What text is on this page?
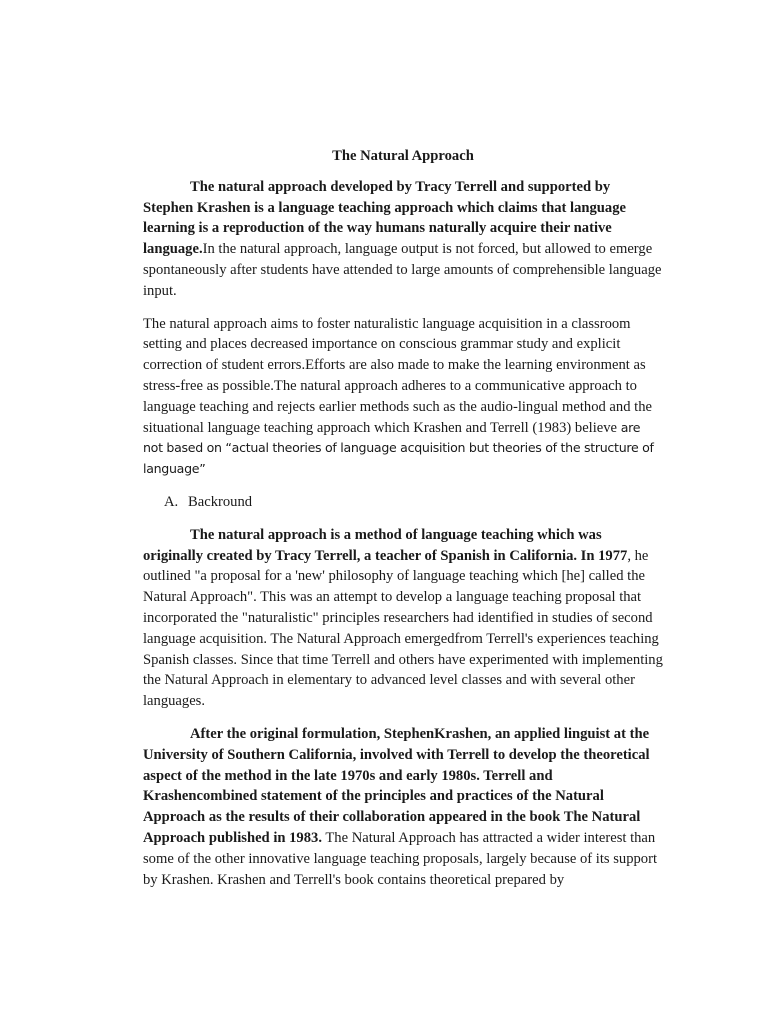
The Natural Approach

The natural approach developed by Tracy Terrell and supported by Stephen Krashen is a language teaching approach which claims that language learning is a reproduction of the way humans naturally acquire their native language.In the natural approach, language output is not forced, but allowed to emerge spontaneously after students have attended to large amounts of comprehensible language input.

The natural approach aims to foster naturalistic language acquisition in a classroom setting and places decreased importance on conscious grammar study and explicit correction of student errors.Efforts are also made to make the learning environment as stress-free as possible.The natural approach adheres to a communicative approach to language teaching and rejects earlier methods such as the audio-lingual method and the situational language teaching approach which Krashen and Terrell (1983) believe are not based on “actual theories of language acquisition but theories of the structure of language”

A. Backround

The natural approach is a method of language teaching which was originally created by Tracy Terrell, a teacher of Spanish in California. In 1977, he outlined "a proposal for a 'new' philosophy of language teaching which [he] called the Natural Approach". This was an attempt to develop a language teaching proposal that incorporated the "naturalistic" principles researchers had identified in studies of second language acquisition. The Natural Approach emergedfrom Terrell's experiences teaching Spanish classes. Since that time Terrell and others have experimented with implementing the Natural Approach in elementary to advanced level classes and with several other languages.

After the original formulation, StephenKrashen, an applied linguist at the University of Southern California, involved with Terrell to develop the theoretical aspect of the method in the late 1970s and early 1980s. Terrell and Krashencombined statement of the principles and practices of the Natural Approach as the results of their collaboration appeared in the book The Natural Approach published in 1983. The Natural Approach has attracted a wider interest than some of the other innovative language teaching proposals, largely because of its support by Krashen. Krashen and Terrell's book contains theoretical prepared by
